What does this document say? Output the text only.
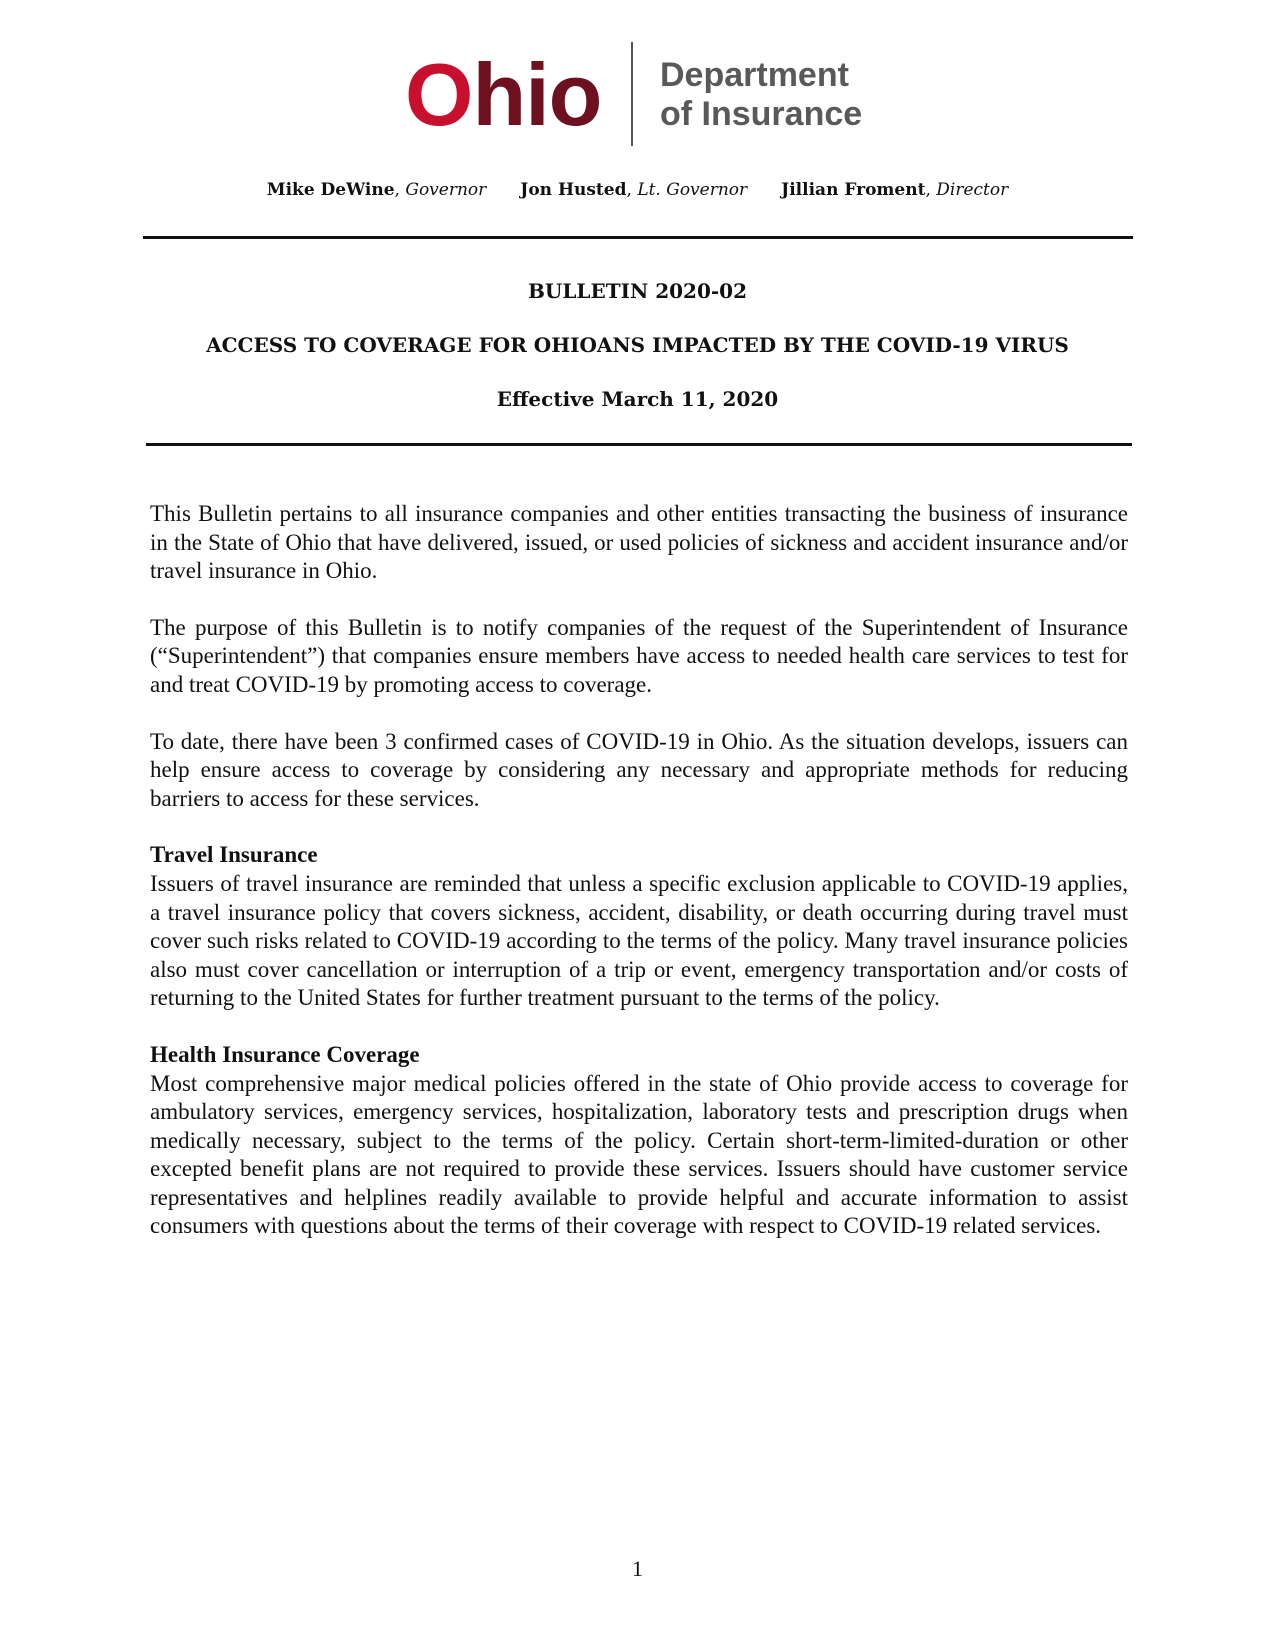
Ohio Department
of Insurance
Mike DeWine, Governor Jon Husted, Lt. Governor Jillian Froment, Director
BULLETIN 2020-02
ACCESS TO COVERAGE FOR OHIOANS IMPACTED BY THE COVID-19 VIRUS
Effective March 11, 2020

This Bulletin pertains to all insurance companies and other entities transacting the business of insurance in the State of Ohio that have delivered, issued, or used policies of sickness and accident insurance and/or travel insurance in Ohio.

The purpose of this Bulletin is to notify companies of the request of the Superintendent of Insurance (“Superintendent”) that companies ensure members have access to needed health care services to test for and treat COVID-19 by promoting access to coverage.

To date, there have been 3 confirmed cases of COVID-19 in Ohio. As the situation develops, issuers can help ensure access to coverage by considering any necessary and appropriate methods for reducing barriers to access for these services.

Travel Insurance

Issuers of travel insurance are reminded that unless a specific exclusion applicable to COVID-19 applies, a travel insurance policy that covers sickness, accident, disability, or death occurring during travel must cover such risks related to COVID-19 according to the terms of the policy. Many travel insurance policies also must cover cancellation or interruption of a trip or event, emergency transportation and/or costs of returning to the United States for further treatment pursuant to the terms of the policy.

Health Insurance Coverage

Most comprehensive major medical policies offered in the state of Ohio provide access to coverage for ambulatory services, emergency services, hospitalization, laboratory tests and prescription drugs when medically necessary, subject to the terms of the policy. Certain short-term-limited-duration or other excepted benefit plans are not required to provide these services. Issuers should have customer service representatives and helplines readily available to provide helpful and accurate information to assist consumers with questions about the terms of their coverage with respect to COVID-19 related services.

1
